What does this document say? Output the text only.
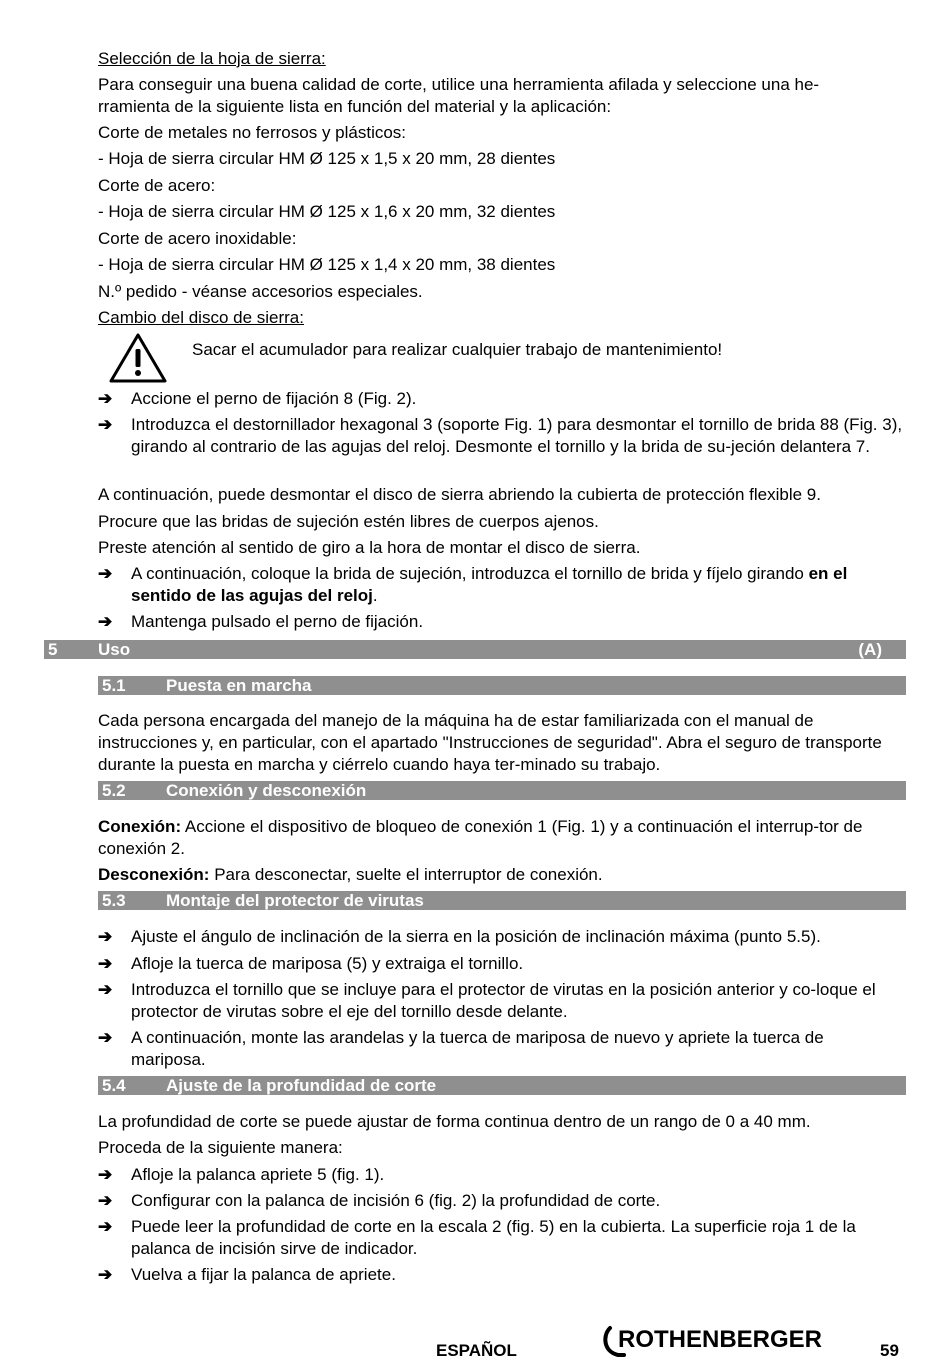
Selección de la hoja de sierra:

Para conseguir una buena calidad de corte, utilice una herramienta afilada y seleccione una he-

rramienta de la siguiente lista en función del material y la aplicación:

Corte de metales no ferrosos y plásticos:

- Hoja de sierra circular HM Ø 125 x 1,5 x 20 mm, 28 dientes

Corte de acero:

- Hoja de sierra circular HM Ø 125 x 1,6 x 20 mm, 32 dientes

Corte de acero inoxidable:

- Hoja de sierra circular HM Ø 125 x 1,4 x 20 mm, 38 dientes

N.º pedido - véanse accesorios especiales.

Cambio del disco de sierra:

Sacar el acumulador para realizar cualquier trabajo de mantenimiento!

➔	Accione el perno de fijación 8 (Fig. 2).
➔	Introduzca el destornillador hexagonal 3 (soporte Fig. 1) para desmontar el tornillo de brida 88 (Fig. 3), girando al contrario de las agujas del reloj. Desmonte el tornillo y la brida de su-jeción delantera 7.

A continuación, puede desmontar el disco de sierra abriendo la cubierta de protección flexible 9.

Procure que las bridas de sujeción estén libres de cuerpos ajenos.

Preste atención al sentido de giro a la hora de montar el disco de sierra.

➔	A continuación, coloque la brida de sujeción, introduzca el tornillo de brida y fíjelo girando en el sentido de las agujas del reloj.
➔	Mantenga pulsado el perno de fijación.
5 Uso	(A)
5.1 Puesta en marcha

Cada persona encargada del manejo de la máquina ha de estar familiarizada con el manual de instrucciones y, en particular, con el apartado "Instrucciones de seguridad". Abra el seguro de transporte durante la puesta en marcha y ciérrelo cuando haya ter-minado su trabajo.

5.2 Conexión y desconexión

Conexión: Accione el dispositivo de bloqueo de conexión 1 (Fig. 1) y a continuación el interrup-tor de conexión 2.

Desconexión: Para desconectar, suelte el interruptor de conexión.

5.3 Montaje del protector de virutas
➔	Ajuste el ángulo de inclinación de la sierra en la posición de inclinación máxima (punto 5.5).
➔	Afloje la tuerca de mariposa (5) y extraiga el tornillo.
➔	Introduzca el tornillo que se incluye para el protector de virutas en la posición anterior y co-loque el protector de virutas sobre el eje del tornillo desde delante.
➔	A continuación, monte las arandelas y la tuerca de mariposa de nuevo y apriete la tuerca de mariposa.
5.4 Ajuste de la profundidad de corte

La profundidad de corte se puede ajustar de forma continua dentro de un rango de 0 a 40 mm.

Proceda de la siguiente manera:

➔	Afloje la palanca apriete 5 (fig. 1).
➔	Configurar con la palanca de incisión 6 (fig. 2) la profundidad de corte.
➔	Puede leer la profundidad de corte en la escala 2 (fig. 5) en la cubierta. La superficie roja 1 de la palanca de incisión sirve de indicador.
➔	Vuelva a fijar la palanca de apriete.
ESPAÑOL	ROTHENBERGER	59
